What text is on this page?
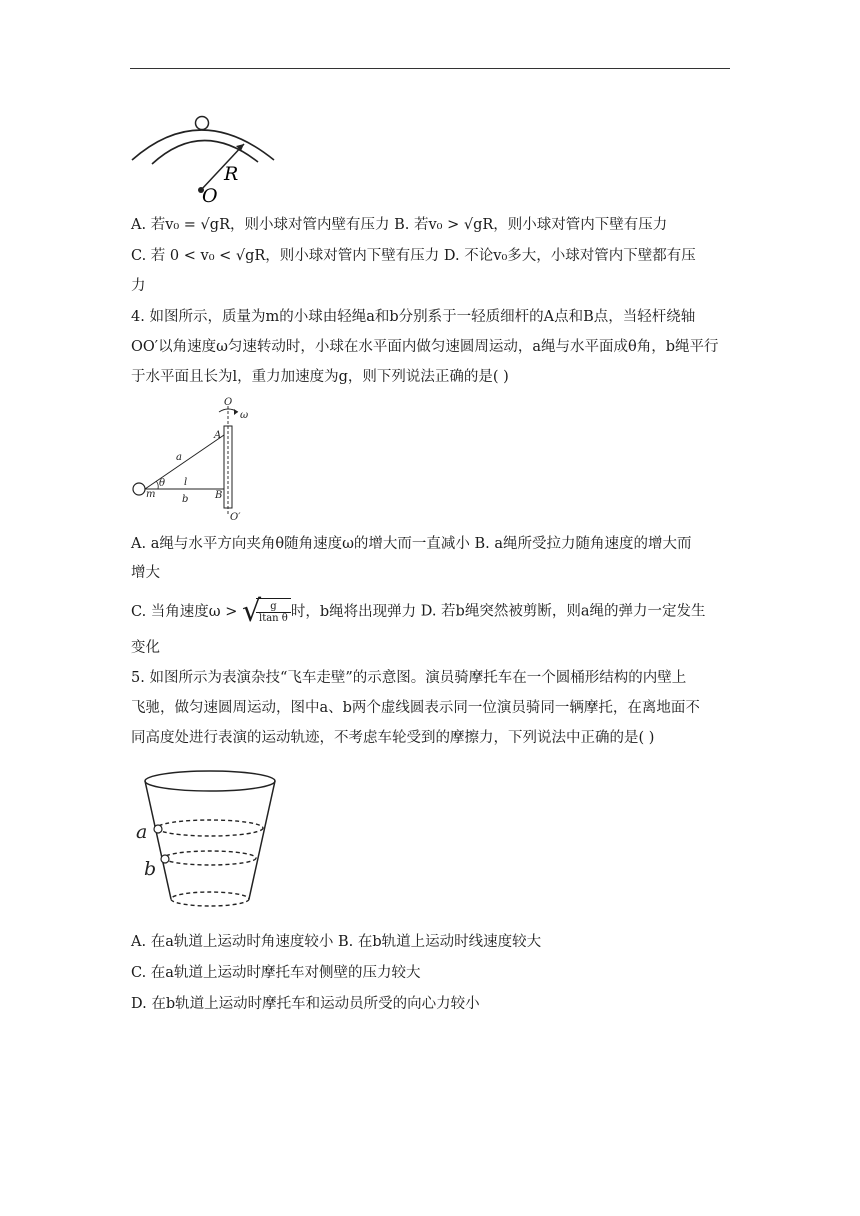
R
O
A. 若v₀ = √gR，则小球对管内壁有压力 B. 若v₀ > √gR，则小球对管内下壁有压力
C. 若 0 < v₀ < √gR，则小球对管内下壁有压力 D. 不论v₀多大，小球对管内下壁都有压
力
4. 如图所示，质量为m的小球由轻绳a和b分别系于一轻质细杆的A点和B点，当轻杆绕轴
OO′以角速度ω匀速转动时，小球在水平面内做匀速圆周运动，a绳与水平面成θ角，b绳平行
于水平面且长为l，重力加速度为g，则下列说法正确的是( )
O
ω
A
a
θ l
m	b	B
O′
A. a绳与水平方向夹角θ随角速度ω的增大而一直减小 B. a绳所受拉力随角速度的增大而
增大
C. 当角速度ω > √
$\frac{g}{\text{ltan θ}}$ 时，b绳将出现弹力 D. 若b绳突然被剪断，则a绳的弹力一定发生
变化
5. 如图所示为表演杂技“飞车走壁”的示意图。演员骑摩托车在一个圆桶形结构的内壁上
飞驰，做匀速圆周运动，图中a、b两个虚线圆表示同一位演员骑同一辆摩托，在离地面不
同高度处进行表演的运动轨迹，不考虑车轮受到的摩擦力，下列说法中正确的是( )
a
b
A. 在a轨道上运动时角速度较小 B. 在b轨道上运动时线速度较大
C. 在a轨道上运动时摩托车对侧壁的压力较大
D. 在b轨道上运动时摩托车和运动员所受的向心力较小
